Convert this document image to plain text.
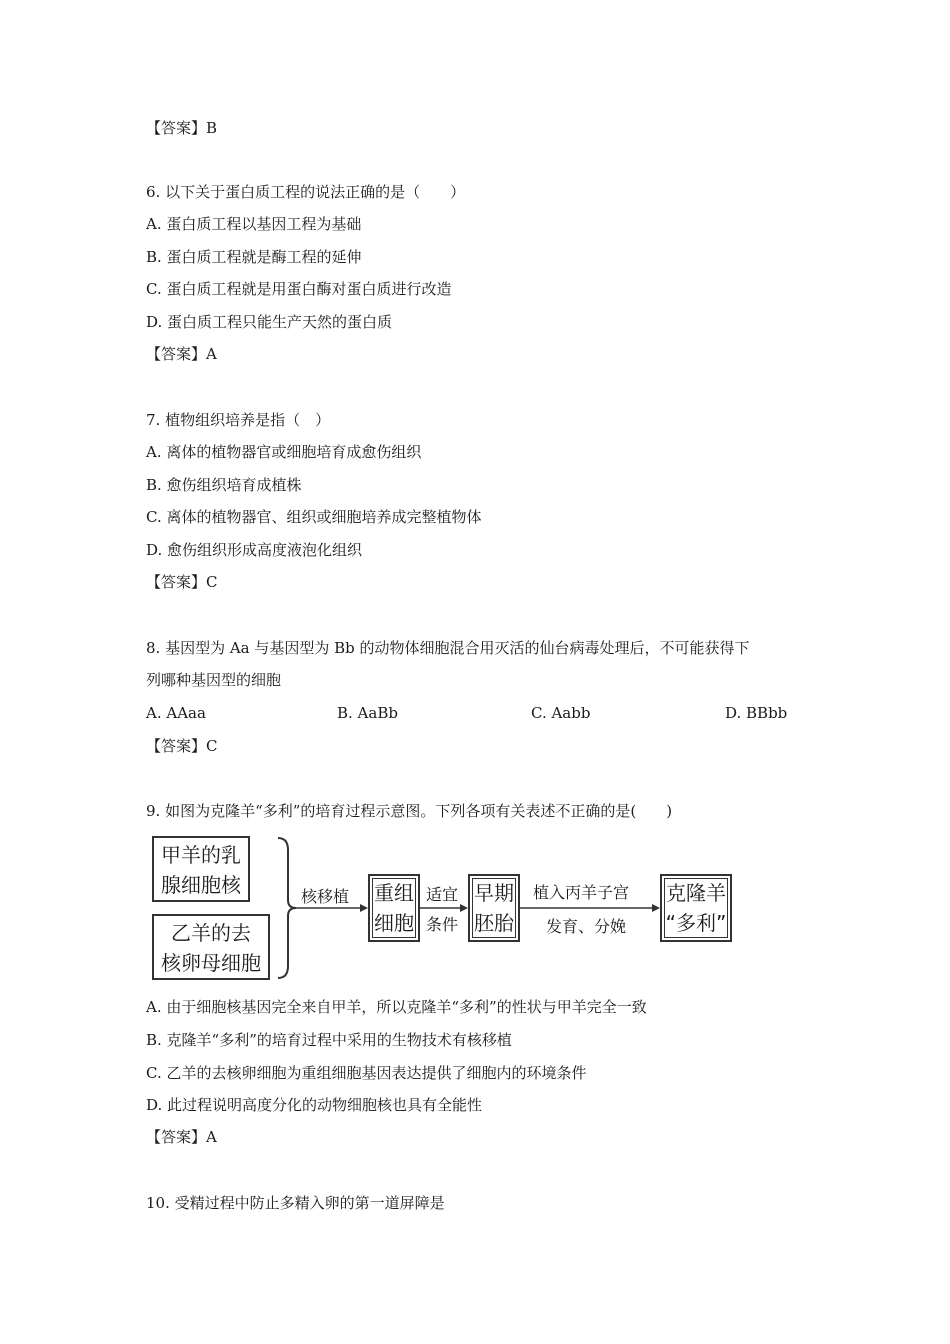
【答案】B
6. 以下关于蛋白质工程的说法正确的是（　　）
A. 蛋白质工程以基因工程为基础
B. 蛋白质工程就是酶工程的延伸
C. 蛋白质工程就是用蛋白酶对蛋白质进行改造
D. 蛋白质工程只能生产天然的蛋白质
【答案】A
7. 植物组织培养是指（　）
A. 离体的植物器官或细胞培育成愈伤组织
B. 愈伤组织培育成植株
C. 离体的植物器官、组织或细胞培养成完整植物体
D. 愈伤组织形成高度液泡化组织
【答案】C
8. 基因型为 Aa 与基因型为 Bb 的动物体细胞混合用灭活的仙台病毒处理后，不可能获得下
列哪种基因型的细胞
A. AAaa	B. AaBb	C. Aabb	D. BBbb
【答案】C
9. 如图为克隆羊“多利”的培育过程示意图。下列各项有关表述不正确的是(　　)
甲羊的乳
腺细胞核
乙羊的去
核卵母细胞
核移植 重组
细胞
适宜
条件
早期
胚胎
植入丙羊子宫
发育、分娩
克隆羊
“多利”
A. 由于细胞核基因完全来自甲羊，所以克隆羊“多利”的性状与甲羊完全一致
B. 克隆羊“多利”的培育过程中采用的生物技术有核移植
C. 乙羊的去核卵细胞为重组细胞基因表达提供了细胞内的环境条件
D. 此过程说明高度分化的动物细胞核也具有全能性
【答案】A
10. 受精过程中防止多精入卵的第一道屏障是
